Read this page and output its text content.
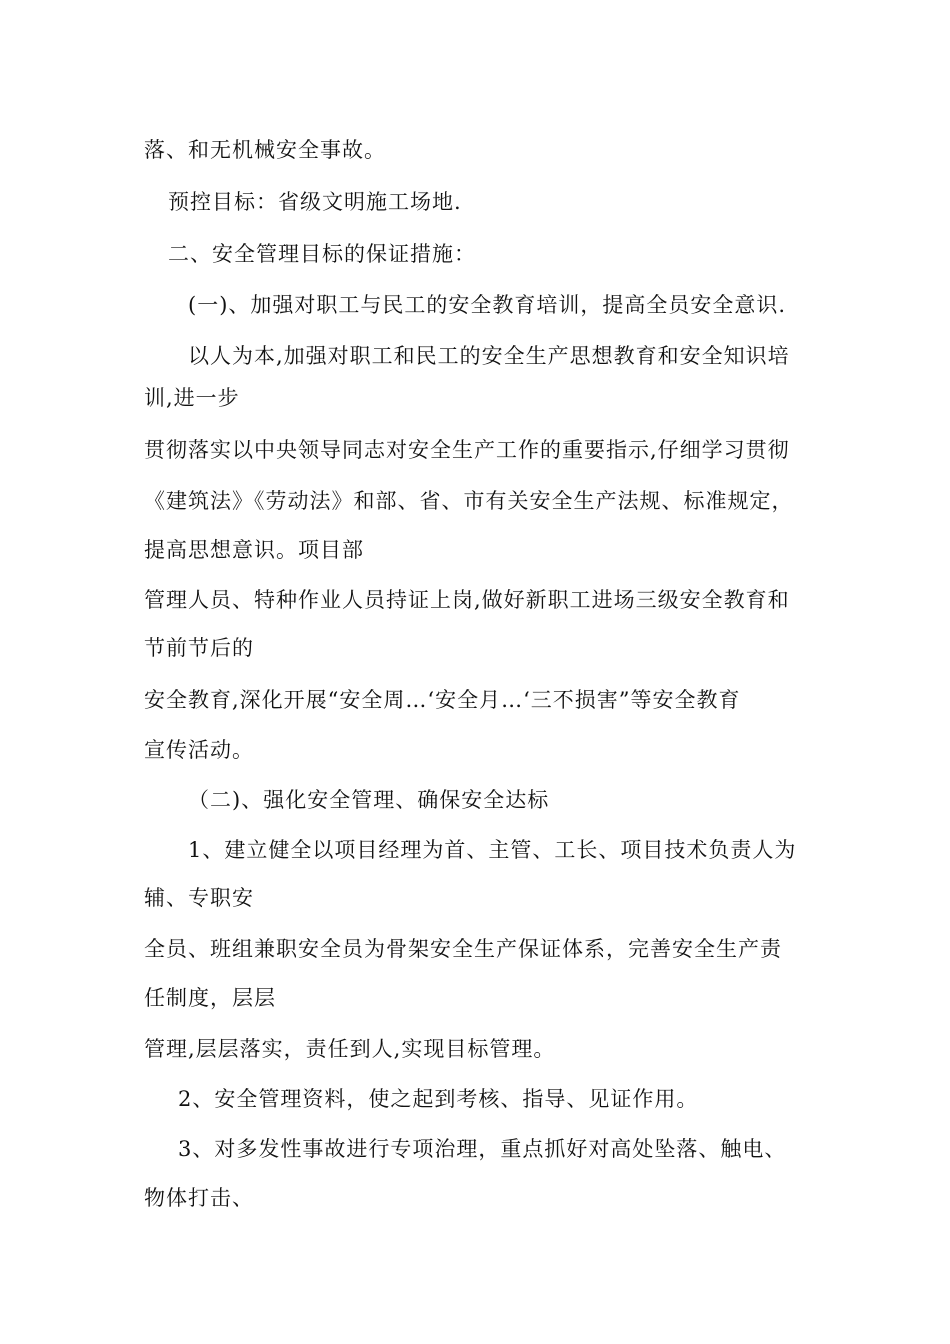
落、和无机械安全事故。
预控目标：省级文明施工场地.
二、安全管理目标的保证措施：
(一)、加强对职工与民工的安全教育培训，提高全员安全意识.
以人为本,加强对职工和民工的安全生产思想教育和安全知识培
训,进一步
贯彻落实以中央领导同志对安全生产工作的重要指示,仔细学习贯彻
《建筑法》《劳动法》和部、省、市有关安全生产法规、标准规定，
提高思想意识。项目部
管理人员、特种作业人员持证上岗,做好新职工进场三级安全教育和
节前节后的
安全教育,深化开展“安全周…‘安全月…‘三不损害”等安全教育
宣传活动。
（二)、强化安全管理、确保安全达标
1、建立健全以项目经理为首、主管、工长、项目技术负责人为
辅、专职安
全员、班组兼职安全员为骨架安全生产保证体系，完善安全生产责
任制度，层层
管理,层层落实，责任到人,实现目标管理。
2、安全管理资料，使之起到考核、指导、见证作用。
3、对多发性事故进行专项治理，重点抓好对高处坠落、触电、
物体打击、
